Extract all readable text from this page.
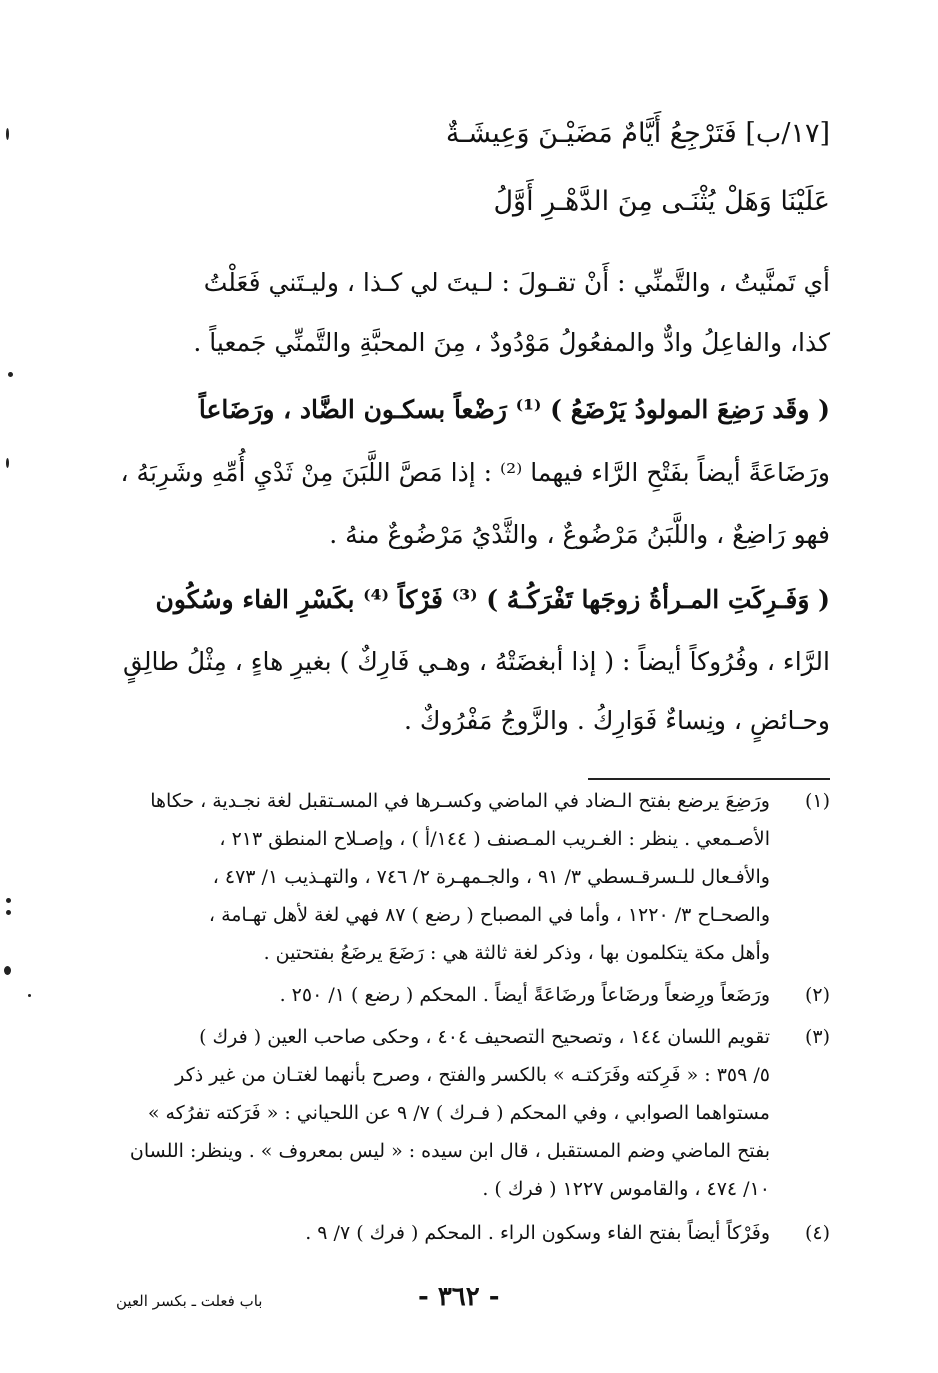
[١٧/ب] فَتَرْجِعُ أَيَّامٌ مَضَيْـنَ وَعِيشَـةٌ
عَلَيْنَا وَهَلْ يُثْنَـى مِنَ الدَّهْـرِ أَوَّلُ
أي تَمنَّيتُ ، والتَّمنِّي : أَنْ تقـولَ : لـيتَ لي كـذا ، وليـتَني فَعَلْتُ
كذا، والفاعِلُ وادٌّ والمفعُولُ مَوْدُودٌ ، مِنَ المحبَّةِ والتَّمنِّي جَمعياً .
( وقَد رَضِعَ المولودُ يَرْضَعُ ) ⁽¹⁾ رَضْعاً بسكـون الضَّاد ، ورَضَاعاً
ورَضَاعَةً أيضاً بفَتْحِ الرَّاء فيهما ⁽²⁾ : إذا مَصَّ اللَّبَنَ مِنْ ثَدْيِ أُمِّهِ وشَرِبَهُ ،
فهو رَاضِعٌ ، واللَّبَنُ مَرْضُوعٌ ، والثَّدْيُ مَرْضُوعٌ منهُ .
( وَفَـرِكَتِ المـرأةُ زوجَها تَفْرَكُـهُ ) ⁽³⁾ فَرْكاً ⁽⁴⁾ بكَسْرِ الفاء وسُكُون
الرَّاء ، وفُرُوكاً أيضاً : ( إذا أبغضَتْهُ ، وهـي فَارِكٌ ) بغيرِ هاءٍ ، مِثْلُ طالِقٍ
وحـائضٍ ، ونِساءٌ فَوَارِكُ . والزَّوجُ مَفْرُوكٌ .
(١)
ورَضِعَ يرضع بفتح الـضاد في الماضي وكسـرها في المسـتقبل لغة نجـدية ، حكاها
الأصـمعي . ينظر : الغـريب المـصنف ( ١٤٤/أ ) ، وإصـلاح المنطق ٢١٣ ،
والأفـعال للـسرقـسطي ٣/ ٩١ ، والجـمهـرة ٢/ ٧٤٦ ، والتهـذيب ١/ ٤٧٣ ،
والصحـاح ٣/ ١٢٢٠ ، وأما في المصباح ( رضع ) ٨٧ فهي لغة لأهل تهـامة ،
وأهل مكة يتكلمون بها ، وذكر لغة ثالثة هي : رَضَعَ يرضَعُ بفتحتين .
(٢)
ورَضَعاً ورِضعاً ورضَاعاً ورضَاعَةً أيضاً . المحكم ( رضع ) ١/ ٢٥٠ .
(٣)
تقويم اللسان ١٤٤ ، وتصحيح التصحيف ٤٠٤ ، وحكى صاحب العين ( فرك )
٥/ ٣٥٩ : « فَرِكته وفَرَكتـه » بالكسر والفتح ، وصرح بأنهما لغتـان من غير ذكر
مستواهما الصوابي ، وفي المحكم ( فـرك ) ٧/ ٩ عن اللحياني : « فَرَكته تفرُكه »
بفتح الماضي وضم المستقبل ، قال ابن سيده : « ليس بمعروف » . وينظر: اللسان
١٠/ ٤٧٤ ، والقاموس ١٢٢٧ ( فرك ) .
(٤)
وفَرْكاً أيضاً بفتح الفاء وسكون الراء . المحكم ( فرك ) ٧/ ٩ .
باب فعلت ـ بكسر العين	- ٣٦٢ -
